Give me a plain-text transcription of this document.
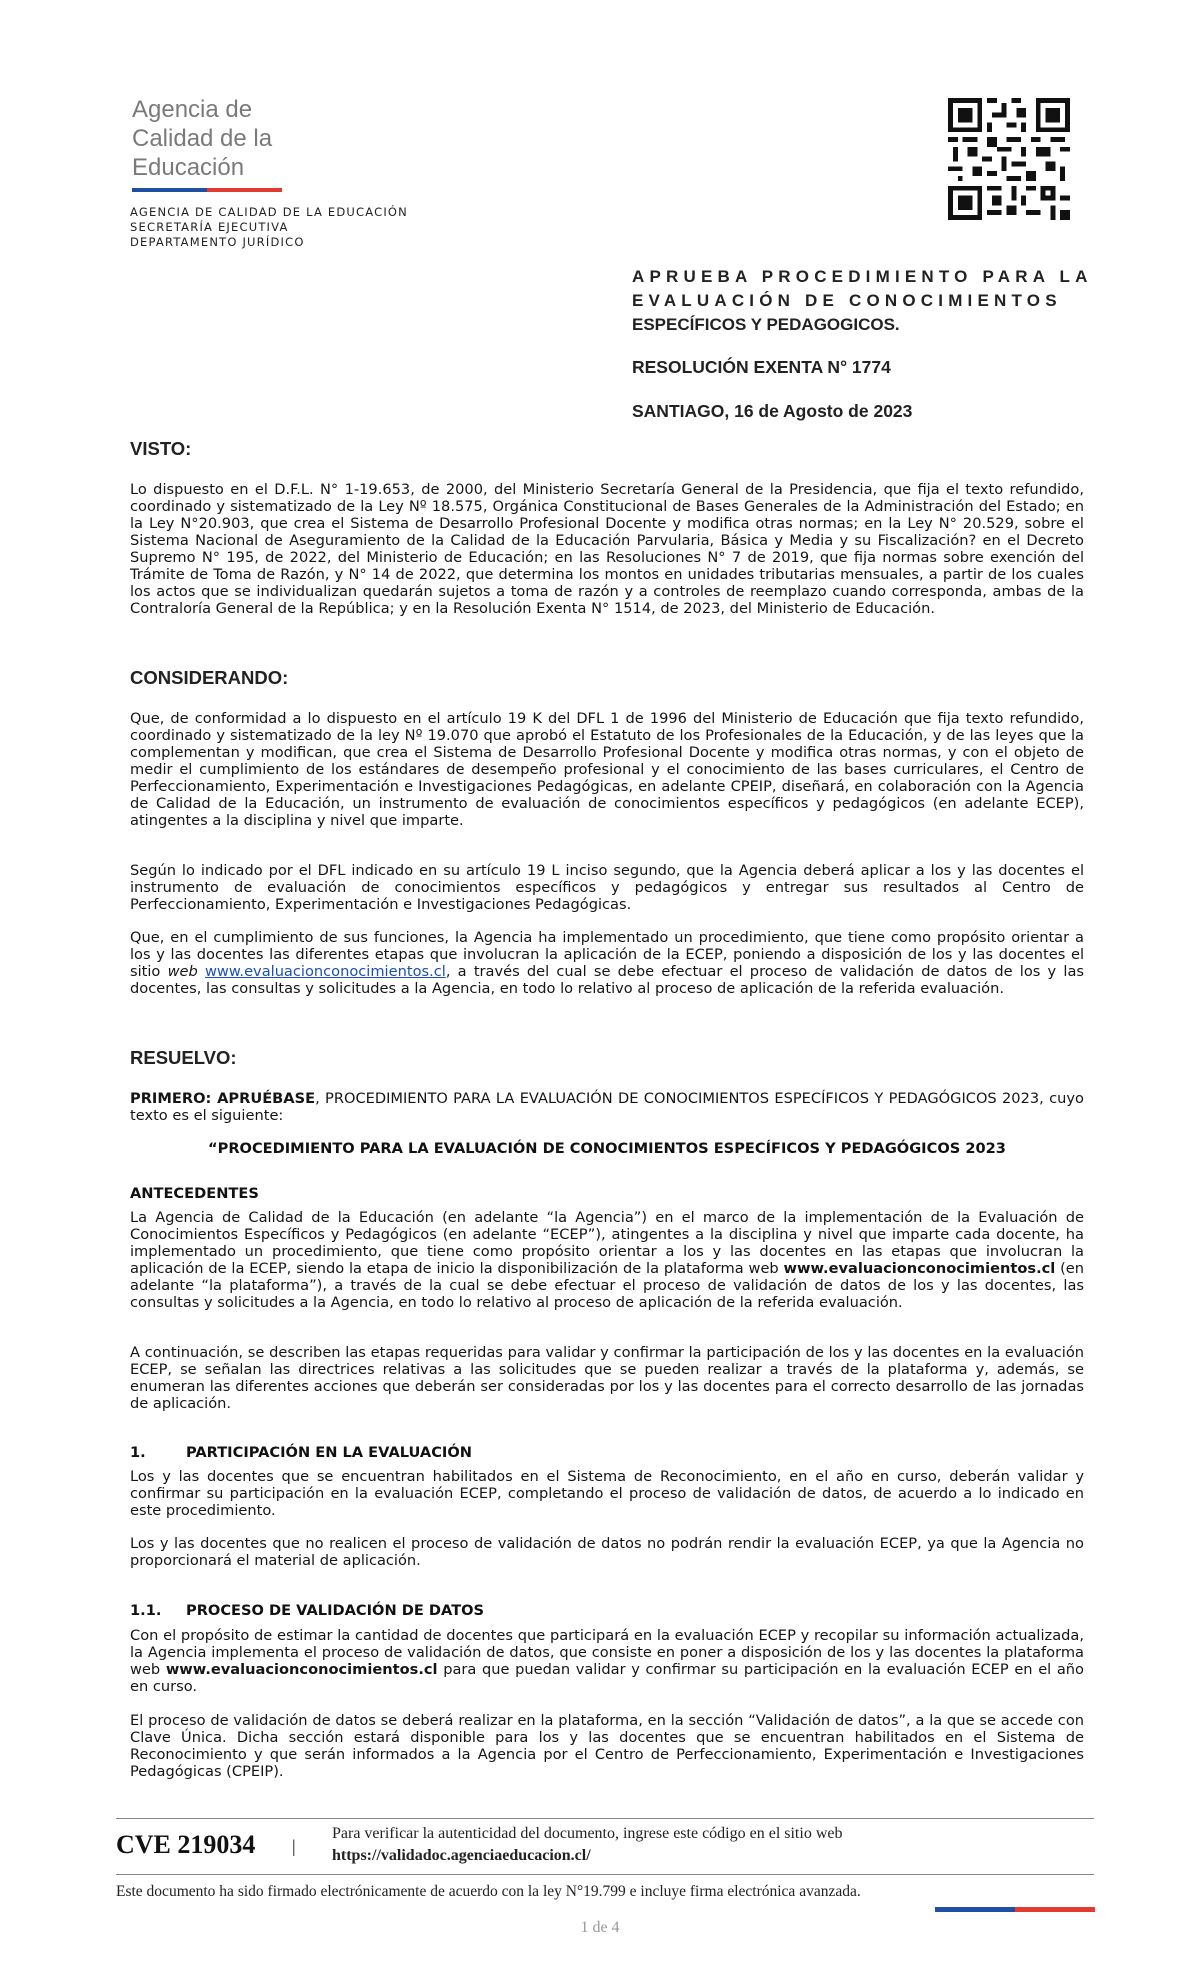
Agencia de
Calidad de la
Educación
AGENCIA DE CALIDAD DE LA EDUCACIÓN
SECRETARÍA EJECUTIVA
DEPARTAMENTO JURÍDICO
APRUEBA PROCEDIMIENTO PARA LA
EVALUACIÓN DE CONOCIMIENTOS
ESPECÍFICOS Y PEDAGOGICOS.
RESOLUCIÓN EXENTA N° 1774
SANTIAGO, 16 de Agosto de 2023
VISTO:
Lo dispuesto en el D.F.L. N° 1-19.653, de 2000, del Ministerio Secretaría General de la Presidencia, que fija el texto refundido, coordinado y sistematizado de la Ley Nº 18.575, Orgánica Constitucional de Bases Generales de la Administración del Estado; en la Ley N°20.903, que crea el Sistema de Desarrollo Profesional Docente y modifica otras normas; en la Ley N° 20.529, sobre el Sistema Nacional de Aseguramiento de la Calidad de la Educación Parvularia, Básica y Media y su Fiscalización? en el Decreto Supremo N° 195, de 2022, del Ministerio de Educación; en las Resoluciones N° 7 de 2019, que fija normas sobre exención del Trámite de Toma de Razón, y N° 14 de 2022, que determina los montos en unidades tributarias mensuales, a partir de los cuales los actos que se individualizan quedarán sujetos a toma de razón y a controles de reemplazo cuando corresponda, ambas de la Contraloría General de la República; y en la Resolución Exenta N° 1514, de 2023, del Ministerio de Educación.
CONSIDERANDO:
Que, de conformidad a lo dispuesto en el artículo 19 K del DFL 1 de 1996 del Ministerio de Educación que fija texto refundido, coordinado y sistematizado de la ley Nº 19.070 que aprobó el Estatuto de los Profesionales de la Educación, y de las leyes que la complementan y modifican, que crea el Sistema de Desarrollo Profesional Docente y modifica otras normas, y con el objeto de medir el cumplimiento de los estándares de desempeño profesional y el conocimiento de las bases curriculares, el Centro de Perfeccionamiento, Experimentación e Investigaciones Pedagógicas, en adelante CPEIP, diseñará, en colaboración con la Agencia de Calidad de la Educación, un instrumento de evaluación de conocimientos específicos y pedagógicos (en adelante ECEP), atingentes a la disciplina y nivel que imparte.
Según lo indicado por el DFL indicado en su artículo 19 L inciso segundo, que la Agencia deberá aplicar a los y las docentes el instrumento de evaluación de conocimientos específicos y pedagógicos y entregar sus resultados al Centro de Perfeccionamiento, Experimentación e Investigaciones Pedagógicas.
Que, en el cumplimiento de sus funciones, la Agencia ha implementado un procedimiento, que tiene como propósito orientar a los y las docentes las diferentes etapas que involucran la aplicación de la ECEP, poniendo a disposición de los y las docentes el sitio web www.evaluacionconocimientos.cl, a través del cual se debe efectuar el proceso de validación de datos de los y las docentes, las consultas y solicitudes a la Agencia, en todo lo relativo al proceso de aplicación de la referida evaluación.
RESUELVO:
PRIMERO: APRUÉBASE, PROCEDIMIENTO PARA LA EVALUACIÓN DE CONOCIMIENTOS ESPECÍFICOS Y PEDAGÓGICOS 2023, cuyo texto es el siguiente:
“PROCEDIMIENTO PARA LA EVALUACIÓN DE CONOCIMIENTOS ESPECÍFICOS Y PEDAGÓGICOS 2023
ANTECEDENTES
La Agencia de Calidad de la Educación (en adelante “la Agencia”) en el marco de la implementación de la Evaluación de Conocimientos Específicos y Pedagógicos (en adelante “ECEP”), atingentes a la disciplina y nivel que imparte cada docente, ha implementado un procedimiento, que tiene como propósito orientar a los y las docentes en las etapas que involucran la aplicación de la ECEP, siendo la etapa de inicio la disponibilización de la plataforma web www.evaluacionconocimientos.cl (en adelante “la plataforma”), a través de la cual se debe efectuar el proceso de validación de datos de los y las docentes, las consultas y solicitudes a la Agencia, en todo lo relativo al proceso de aplicación de la referida evaluación.
A continuación, se describen las etapas requeridas para validar y confirmar la participación de los y las docentes en la evaluación ECEP, se señalan las directrices relativas a las solicitudes que se pueden realizar a través de la plataforma y, además, se enumeran las diferentes acciones que deberán ser consideradas por los y las docentes para el correcto desarrollo de las jornadas de aplicación.
1.	PARTICIPACIÓN EN LA EVALUACIÓN
Los y las docentes que se encuentran habilitados en el Sistema de Reconocimiento, en el año en curso, deberán validar y confirmar su participación en la evaluación ECEP, completando el proceso de validación de datos, de acuerdo a lo indicado en este procedimiento.
Los y las docentes que no realicen el proceso de validación de datos no podrán rendir la evaluación ECEP, ya que la Agencia no proporcionará el material de aplicación.
1.1. PROCESO DE VALIDACIÓN DE DATOS
Con el propósito de estimar la cantidad de docentes que participará en la evaluación ECEP y recopilar su información actualizada, la Agencia implementa el proceso de validación de datos, que consiste en poner a disposición de los y las docentes la plataforma web www.evaluacionconocimientos.cl para que puedan validar y confirmar su participación en la evaluación ECEP en el año en curso.
El proceso de validación de datos se deberá realizar en la plataforma, en la sección “Validación de datos”, a la que se accede con Clave Única. Dicha sección estará disponible para los y las docentes que se encuentran habilitados en el Sistema de Reconocimiento y que serán informados a la Agencia por el Centro de Perfeccionamiento, Experimentación e Investigaciones Pedagógicas (CPEIP).
CVE 219034 |
Para verificar la autenticidad del documento, ingrese este código en el sitio web
https://validadoc.agenciaeducacion.cl/
Este documento ha sido firmado electrónicamente de acuerdo con la ley N°19.799 e incluye firma electrónica avanzada.
1 de 4
